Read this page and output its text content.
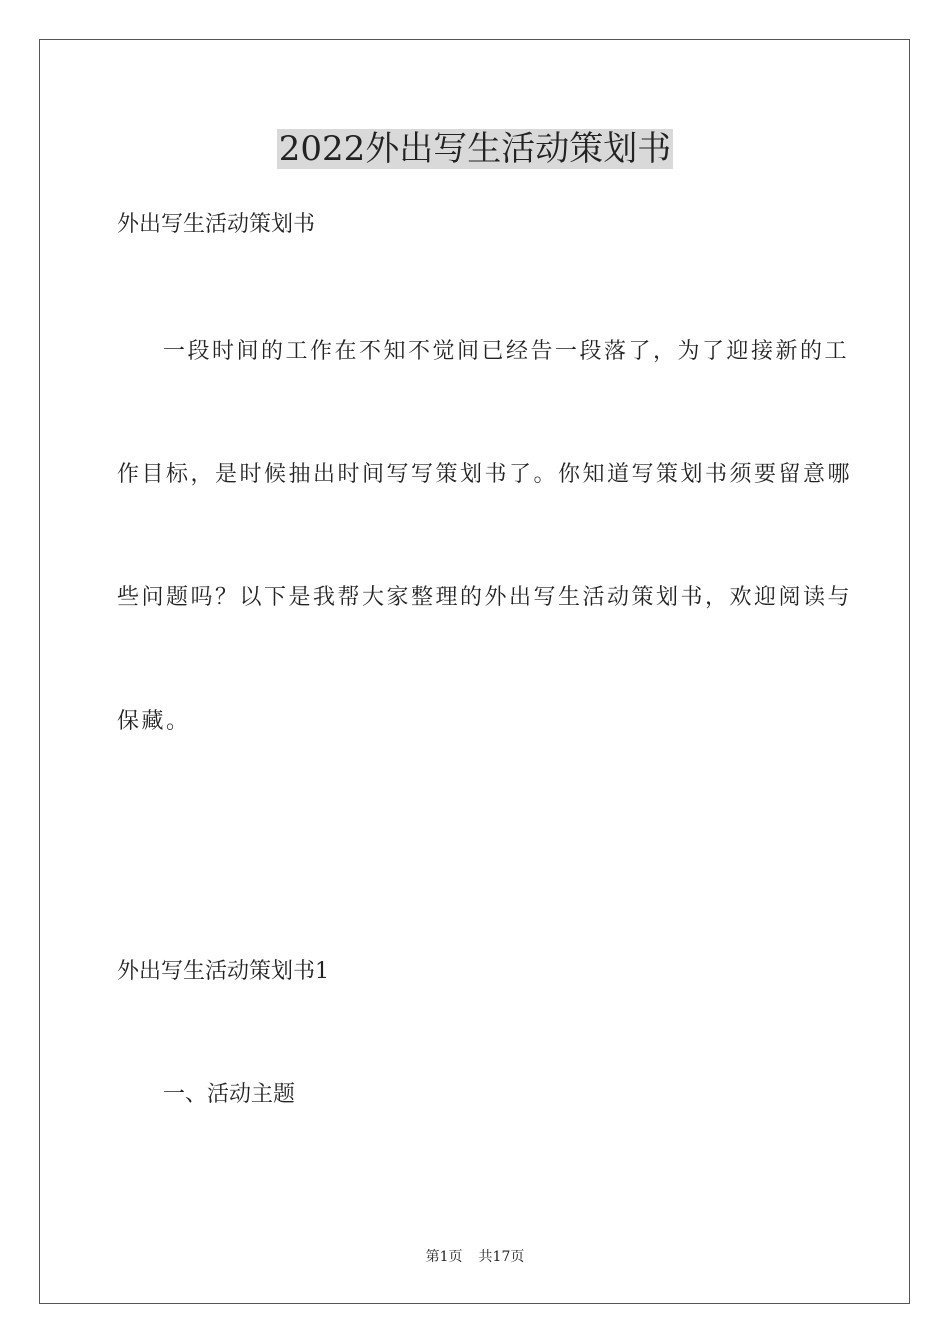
2022外出写生活动策划书

外出写生活动策划书

一段时间的工作在不知不觉间已经告一段落了，为了迎接新的工

作目标，是时候抽出时间写写策划书了。你知道写策划书须要留意哪

些问题吗？以下是我帮大家整理的外出写生活动策划书，欢迎阅读与

保藏。

外出写生活动策划书1

一、活动主题

第1页 共17页
